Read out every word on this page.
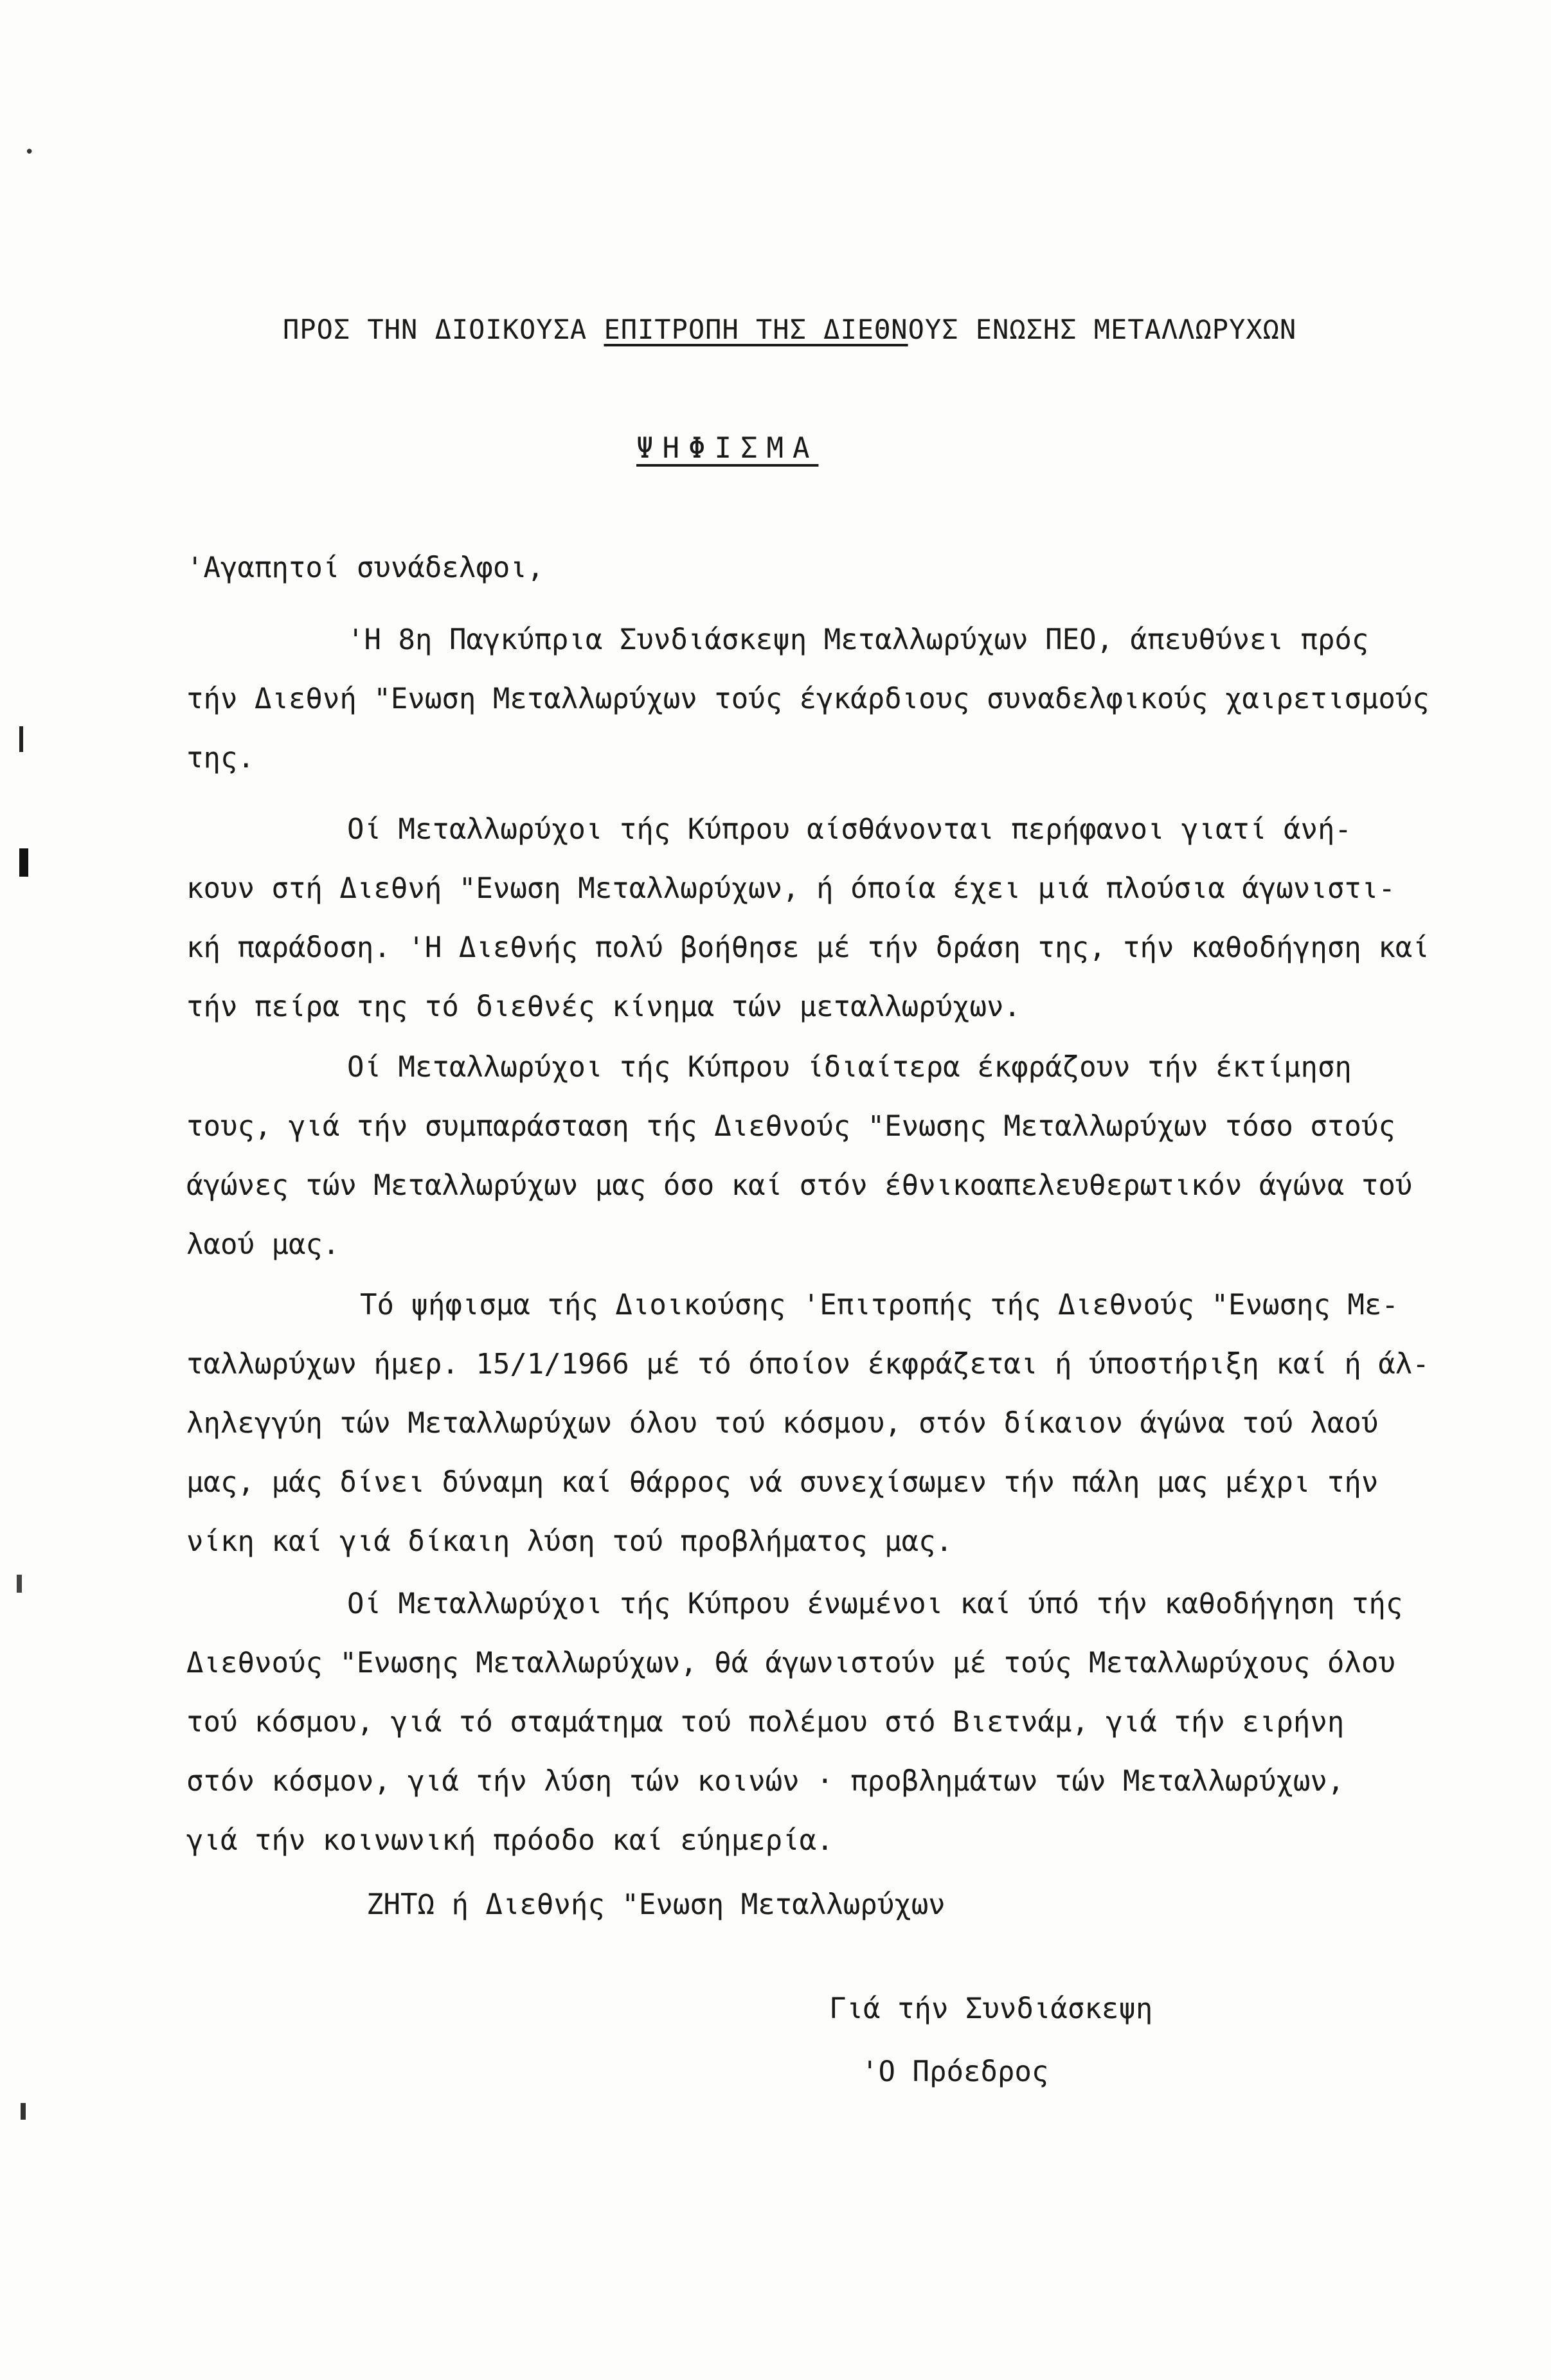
ΠΡΟΣ ΤΗΝ ΔΙΟΙΚΟΥΣΑ ΕΠΙΤΡΟΠΗ ΤΗΣ ΔΙΕΘΝΟΥΣ ΕΝΩΣΗΣ ΜΕΤΑΛΛΩΡΥΧΩΝ
ΨΗΦΙΣΜΑ
'Αγαπητοί συνάδελφοι,
'Η 8η Παγκύπρια Συνδιάσκεψη Μεταλλωρύχων ΠΕΟ, άπευθύνει πρός
τήν Διεθνή "Ενωση Μεταλλωρύχων τούς έγκάρδιους συναδελφικούς χαιρετισμούς
της.
Οί Μεταλλωρύχοι τής Κύπρου αίσθάνονται περήφανοι γιατί άνή-
κουν στή Διεθνή "Ενωση Μεταλλωρύχων, ή όποία έχει μιά πλούσια άγωνιστι-
κή παράδοση. 'Η Διεθνής πολύ βοήθησε μέ τήν δράση της, τήν καθοδήγηση καί
τήν πείρα της τό διεθνές κίνημα τών μεταλλωρύχων.
Οί Μεταλλωρύχοι τής Κύπρου ίδιαίτερα έκφράζουν τήν έκτίμηση
τους, γιά τήν συμπαράσταση τής Διεθνούς "Ενωσης Μεταλλωρύχων τόσο στούς
άγώνες τών Μεταλλωρύχων μας όσο καί στόν έθνικοαπελευθερωτικόν άγώνα τού
λαού μας.
Τό ψήφισμα τής Διοικούσης 'Επιτροπής τής Διεθνούς "Ενωσης Με-
ταλλωρύχων ήμερ. 15/1/1966 μέ τό όποίον έκφράζεται ή ύποστήριξη καί ή άλ-
ληλεγγύη τών Μεταλλωρύχων όλου τού κόσμου, στόν δίκαιον άγώνα τού λαού
μας, μάς δίνει δύναμη καί θάρρος νά συνεχίσωμεν τήν πάλη μας μέχρι τήν
νίκη καί γιά δίκαιη λύση τού προβλήματος μας.
Οί Μεταλλωρύχοι τής Κύπρου ένωμένοι καί ύπό τήν καθοδήγηση τής
Διεθνούς "Ενωσης Μεταλλωρύχων, θά άγωνιστούν μέ τούς Μεταλλωρύχους όλου
τού κόσμου, γιά τό σταμάτημα τού πολέμου στό Βιετνάμ, γιά τήν ειρήνη
στόν κόσμον, γιά τήν λύση τών κοινών · προβλημάτων τών Μεταλλωρύχων,
γιά τήν κοινωνική πρόοδο καί εύημερία.
ΖΗΤΩ ή Διεθνής "Ενωση Μεταλλωρύχων
Γιά τήν Συνδιάσκεψη
'Ο Πρόεδρος
•
